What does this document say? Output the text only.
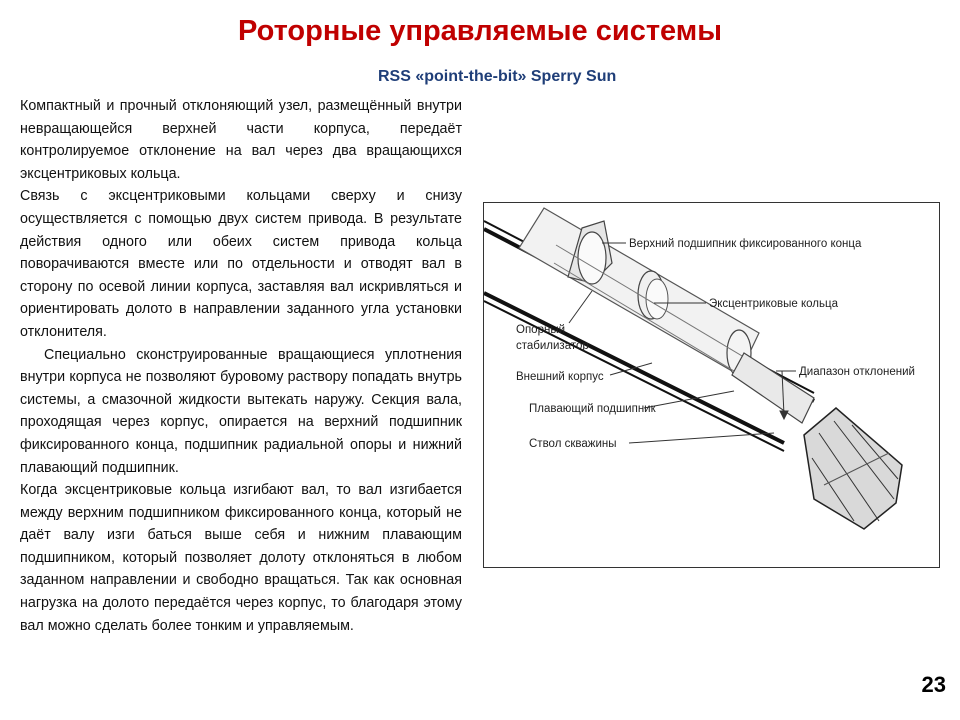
Роторные управляемые системы
RSS «point-the-bit» Sperry Sun

Компактный и прочный отклоняющий узел, размещённый внутри невращающейся верхней части корпуса, передаёт контролируемое отклонение на вал через два вращающихся эксцентриковых кольца.

Связь с эксцентриковыми кольцами сверху и снизу осуществляется с помощью двух систем привода. В результате действия одного или обеих систем привода кольца поворачиваются вместе или по отдельности и отводят вал в сторону по осевой линии корпуса, заставляя вал искривляться и ориентировать долото в направлении заданного угла установки отклонителя.

Специально сконструированные вращающиеся уплотнения внутри корпуса не позволяют буровому раствору попадать внутрь системы, а смазочной жидкости вытекать наружу. Секция вала, проходящая через корпус, опирается на верхний подшипник фиксированного конца, подшипник радиальной опоры и нижний плавающий подшипник.

Когда эксцентриковые кольца изгибают вал, то вал изгибается между верхним подшипником фиксированного конца, который не даёт валу изги баться выше себя и нижним плавающим подшипником, который позволяет долоту отклоняться в любом заданном направлении и свободно вращаться. Так как основная нагрузка на долото передаётся через корпус, то благодаря этому вал можно сделать более тонким и управляемым.

Верхний подшипник фиксированного конца
Эксцентриковые кольца
Опорный
стабилизатор
Внешний корпус	Диапазон отклонений
Плавающий подшипник
Ствол скважины
23
